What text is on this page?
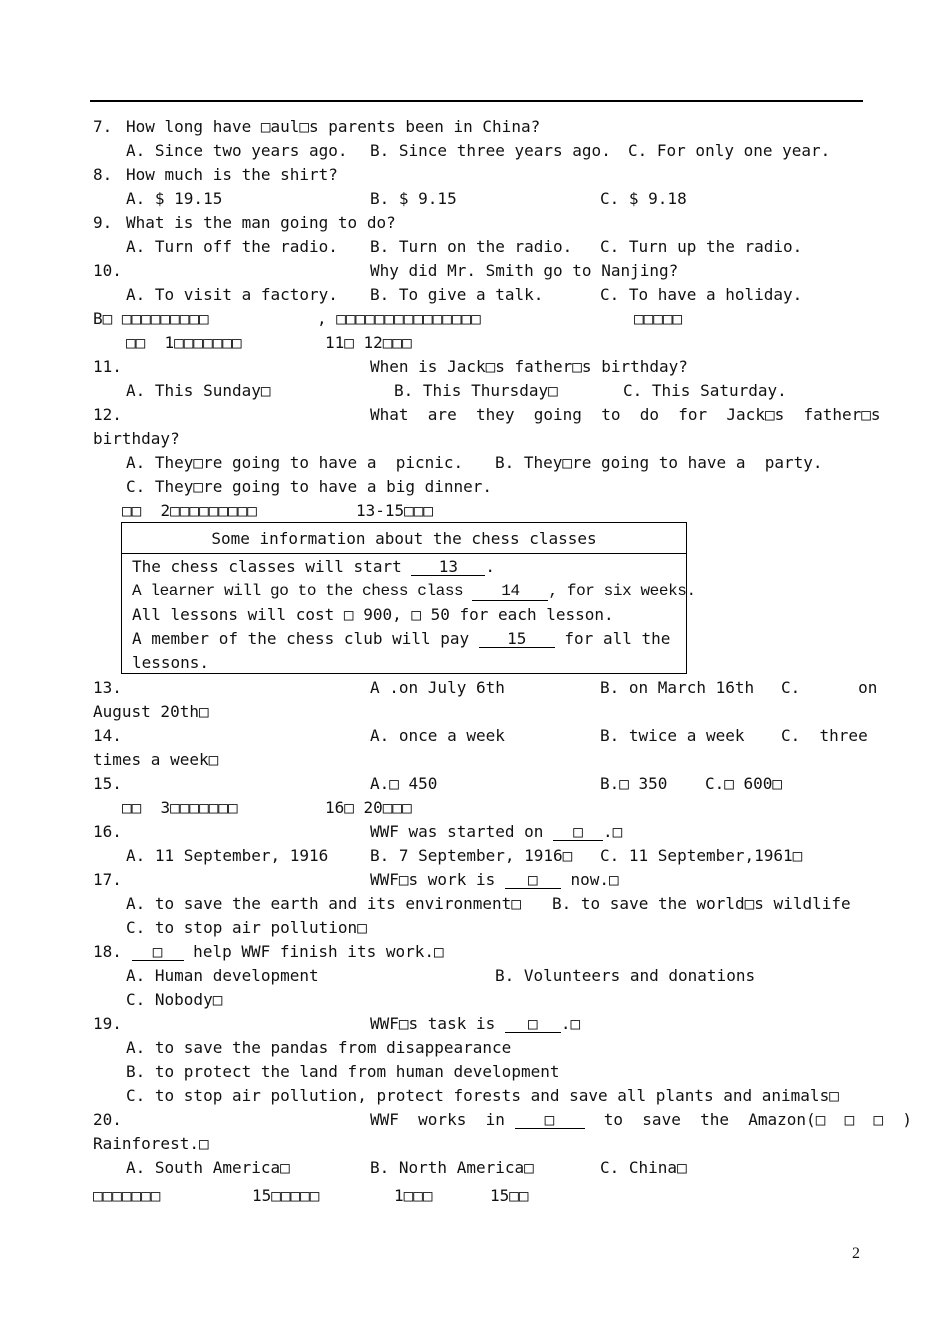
7. How long have □aul□s parents been in China?
A. Since two years ago. B. Since three years ago. C. For only one year.
8. How much is the shirt?
A. $ 19.15	B. $ 9.15	C. $ 9.18
9. What is the man going to do?
A. Turn off the radio. B. Turn on the radio. C. Turn up the radio.
10.	Why did Mr. Smith go to Nanjing?
A. To visit a factory. B. To give a talk.	C. To have a holiday.
B□ □□□□□□□□□	, □□□□□□□□□□□□□□□	□□□□□
□□  1□□□□□□□	11□ 12□□□
11.	When is Jack□s father□s birthday?
A. This Sunday□	B. This Thursday□	C. This Saturday.
12.	What  are  they  going  to  do  for  Jack□s  father□s
birthday?
A. They□re going to have a  picnic. B. They□re going to have a  party.
C. They□re going to have a big dinner.
□□  2□□□□□□□□□	13-15□□□
Some information about the chess classes
The chess classes will start 13 .
A learner will go to the chess class 14 , for six weeks.
All lessons will cost □ 900, □ 50 for each lesson.
A member of the chess club will pay 15 for all the
lessons.
13.	A .on July 6th	B. on March 16th C.      on
August 20th□
14.	A. once a week	B. twice a week C.  three
times a week□
15.	A.□ 450	B.□ 350 C.□ 600□
□□  3□□□□□□□	16□ 20□□□
16.	WWF was started on □ .□
A. 11 September, 1916	B. 7 September, 1916□ C. 11 September,1961□
17.	WWF□s work is □ now.□
A. to save the earth and its environment□ B. to save the world□s wildlife
C. to stop air pollution□
18. □ help WWF finish its work.□
A. Human development	B. Volunteers and donations
C. Nobody□
19.	WWF□s task is □ .□
A. to save the pandas from disappearance
B. to protect the land from human development
C. to stop air pollution, protect forests and save all plants and animals□
20.	WWF  works  in □  to  save  the  Amazon(□  □  □  )
Rainforest.□
A. South America□	B. North America□	C. China□
□□□□□□□	15□□□□□	1□□□	15□□
2
